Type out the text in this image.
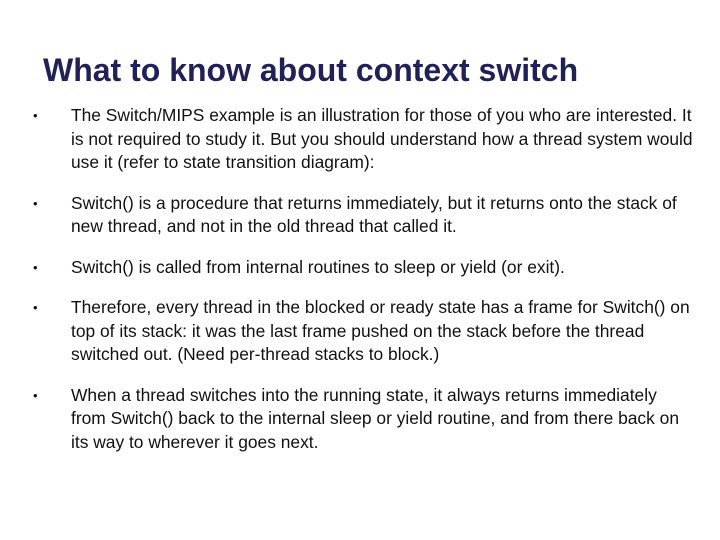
What to know about context switch
•	The Switch/MIPS example is an illustration for those of you who are interested. It is not required to study it. But you should understand how a thread system would use it (refer to state transition diagram):
•	Switch() is a procedure that returns immediately, but it returns onto the stack of new thread, and not in the old thread that called it.
•	Switch() is called from internal routines to sleep or yield (or exit).
•	Therefore, every thread in the blocked or ready state has a frame for Switch() on top of its stack: it was the last frame pushed on the stack before the thread switched out. (Need per-thread stacks to block.)
•	When a thread switches into the running state, it always returns immediately from Switch() back to the internal sleep or yield routine, and from there back on its way to wherever it goes next.
